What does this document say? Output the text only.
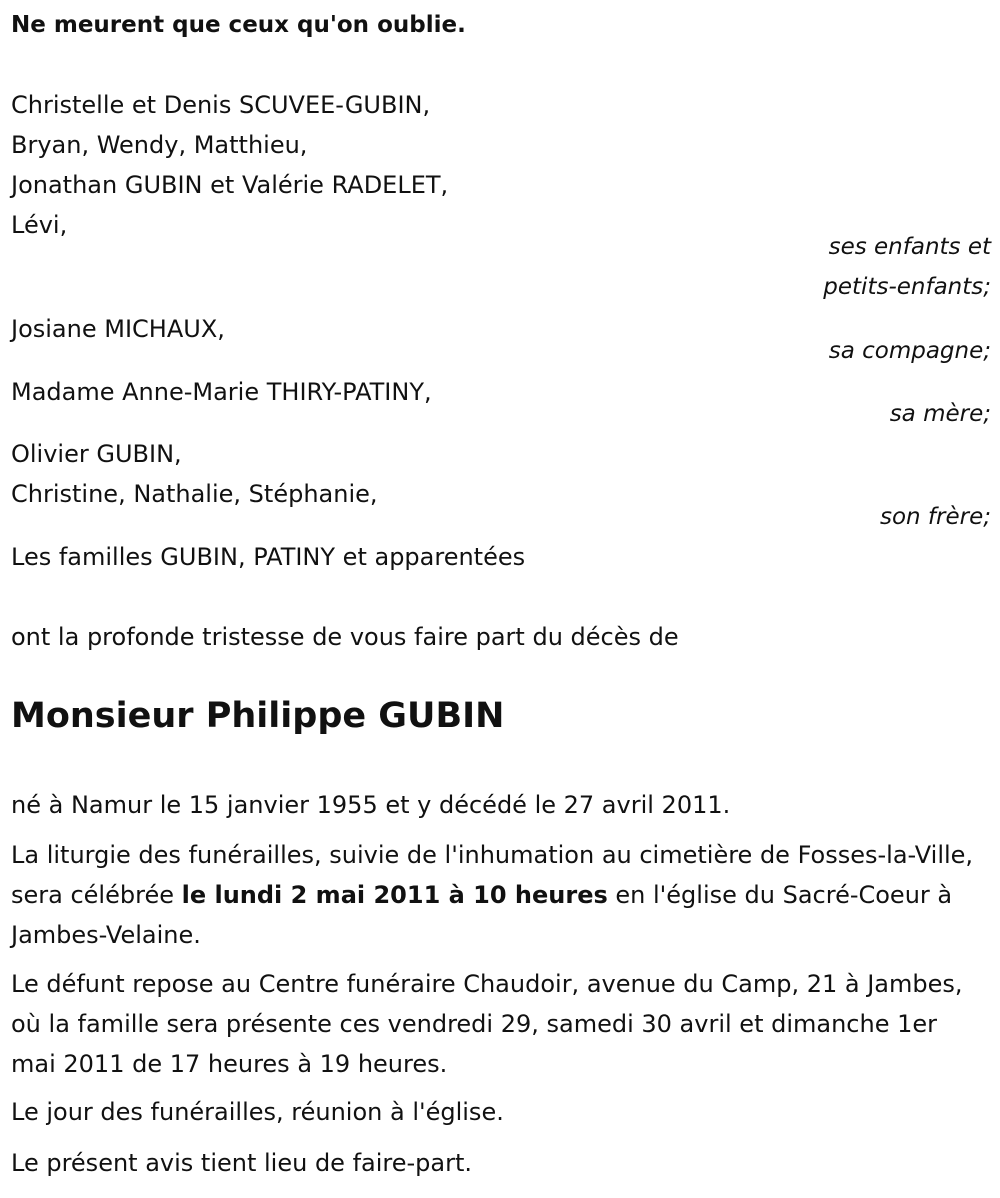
Ne meurent que ceux qu'on oublie.
Christelle et Denis SCUVEE-GUBIN,
Bryan, Wendy, Matthieu,
Jonathan GUBIN et Valérie RADELET,
Lévi,
ses enfants et
petits-enfants;
Josiane MICHAUX,
sa compagne;
Madame Anne-Marie THIRY-PATINY,
sa mère;
Olivier GUBIN,
Christine, Nathalie, Stéphanie,
son frère;
Les familles GUBIN, PATINY et apparentées
ont la profonde tristesse de vous faire part du décès de
Monsieur Philippe GUBIN
né à Namur le 15 janvier 1955 et y décédé le 27 avril 2011.
La liturgie des funérailles, suivie de l'inhumation au cimetière de Fosses-la-Ville, sera célébrée le lundi 2 mai 2011 à 10 heures en l'église du Sacré-Coeur à Jambes-Velaine.
Le défunt repose au Centre funéraire Chaudoir, avenue du Camp, 21 à Jambes, où la famille sera présente ces vendredi 29, samedi 30 avril et dimanche 1er mai 2011 de 17 heures à 19 heures.
Le jour des funérailles, réunion à l'église.
Le présent avis tient lieu de faire-part.
